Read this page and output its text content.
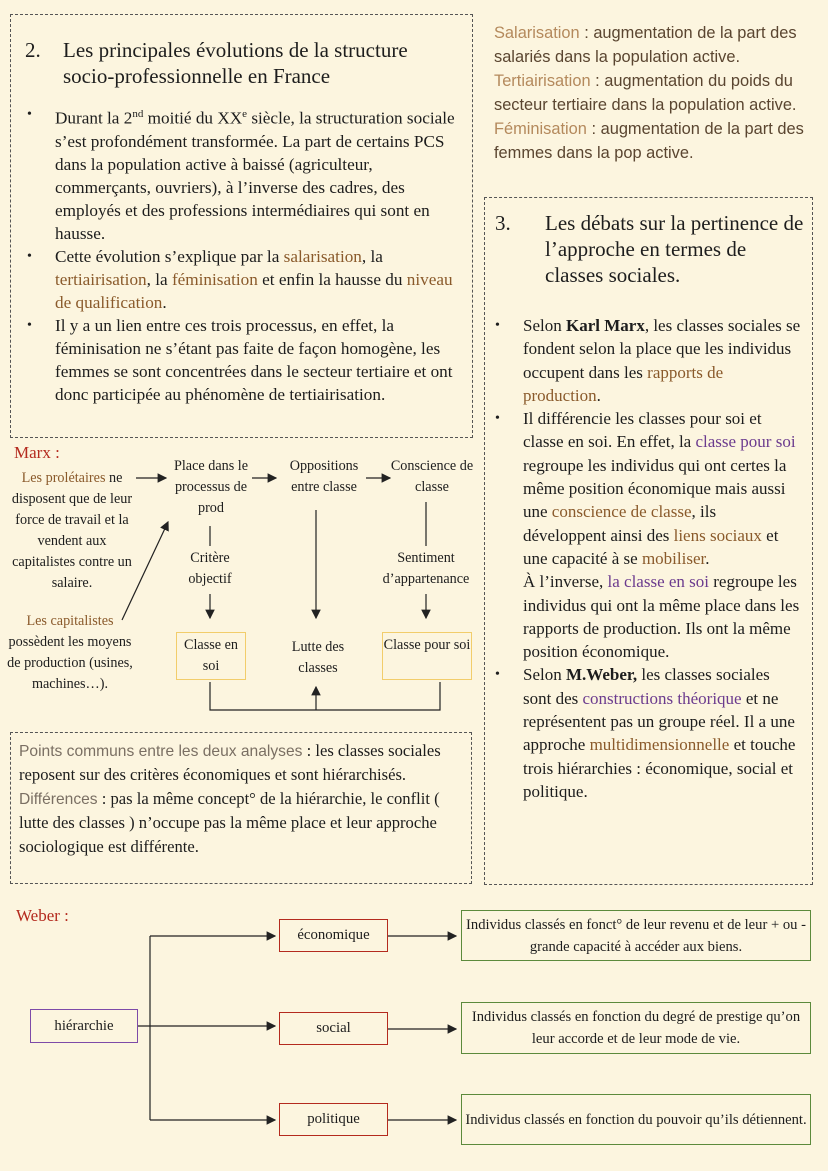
2. Les principales évolutions de la structure socio-professionnelle en France

• Durant la 2nd moitié du XXe siècle, la structuration sociale s’est profondément transformée. La part de certains PCS dans la population active à baissé (agriculteur, commerçants, ouvriers), à l’inverse des cadres, des employés et des professions intermédiaires qui sont en hausse.

• Cette évolution s’explique par la salarisation, la tertiairisation, la féminisation et enfin la hausse du niveau de qualification.

• Il y a un lien entre ces trois processus, en effet, la féminisation ne s’étant pas faite de façon homogène, les femmes se sont concentrées dans le secteur tertiaire et ont donc participée au phénomène de tertiairisation.

Salarisation : augmentation de la part des salariés dans la population active.

Tertiairisation : augmentation du poids du secteur tertiaire dans la population active.

Féminisation : augmentation de la part des femmes dans la pop active.

3. Les débats sur la pertinence de l’approche en termes de classes sociales.

• Selon Karl Marx, les classes sociales se fondent selon la place que les individus occupent dans les rapports de production.

• Il différencie les classes pour soi et classe en soi. En effet, la classe pour soi regroupe les individus qui ont certes la même position économique mais aussi une conscience de classe, ils développent ainsi des liens sociaux et une capacité à se mobiliser.
À l’inverse, la classe en soi regroupe les individus qui ont la même place dans les rapports de production. Ils ont la même position économique.

• Selon M.Weber, les classes sociales sont des constructions théorique et ne représentent pas un groupe réel. Il a une approche multidimensionnelle et touche trois hiérarchies : économique, social et politique.

Marx :
Les prolétaires ne disposent que de leur force de travail et la vendent aux capitalistes contre un salaire.
Les capitalistes possèdent les moyens de production (usines, machines…).
Place dans le processus de prod
Oppositions entre classe
Conscience de classe
Critère objectif
Sentiment d’appartenance
Classe en soi
Lutte des classes
Classe pour soi

Points communs entre les deux analyses : les classes sociales reposent sur des critères économiques et sont hiérarchisés.

Différences : pas la même concept° de la hiérarchie, le conflit ( lutte des classes ) n’occupe pas la même place et leur approche sociologique est différente.

Weber :
hiérarchie
économique
social
politique
Individus classés en fonct° de leur revenu et de leur + ou - grande capacité à accéder aux biens.
Individus classés en fonction du degré de prestige qu’on leur accorde et de leur mode de vie.
Individus classés en fonction du pouvoir qu’ils détiennent.
